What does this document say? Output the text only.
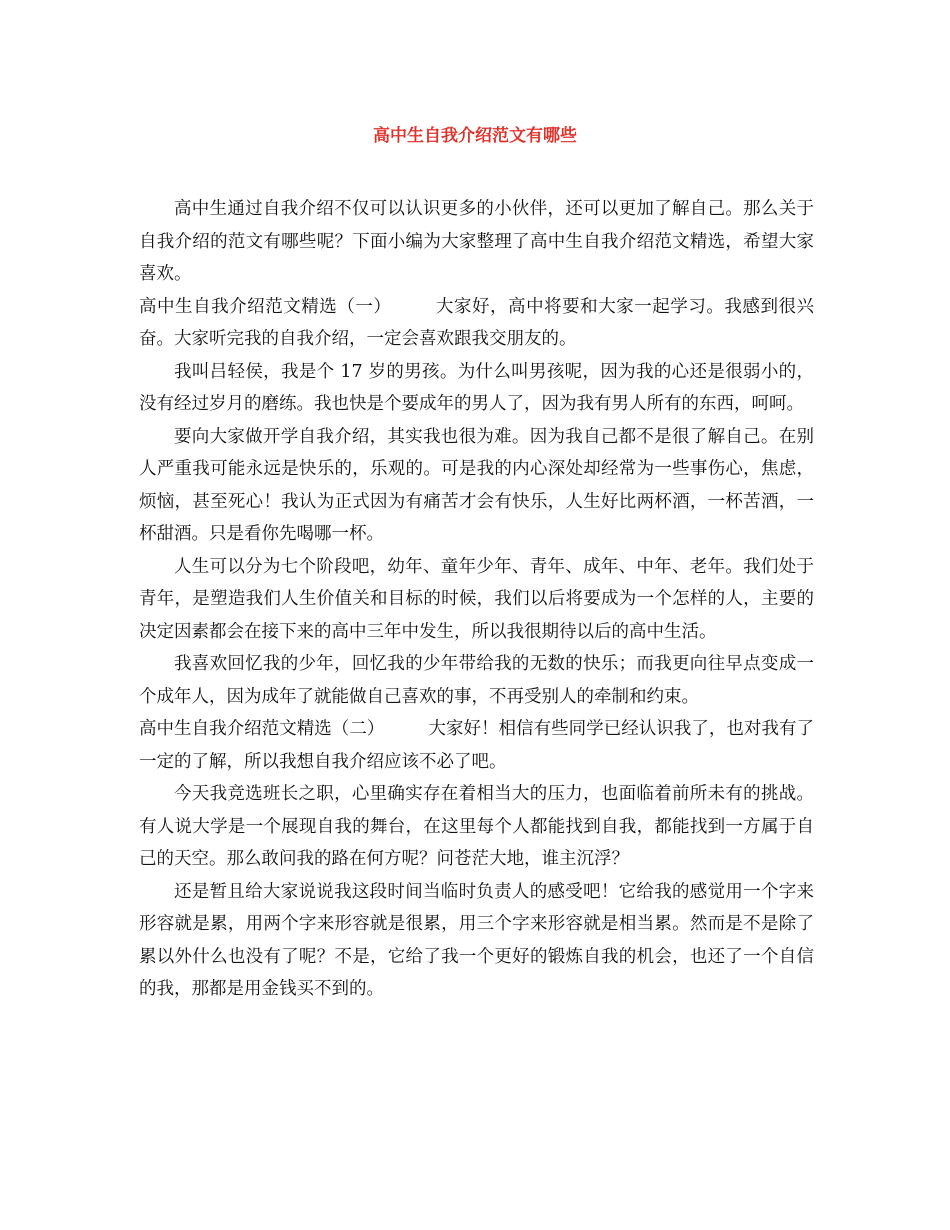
高中生自我介绍范文有哪些

高中生通过自我介绍不仅可以认识更多的小伙伴，还可以更加了解自己。那么关于自我介绍的范文有哪些呢？下面小编为大家整理了高中生自我介绍范文精选，希望大家喜欢。

高中生自我介绍范文精选（一）	大家好，高中将要和大家一起学习。我感到很兴奋。大家听完我的自我介绍，一定会喜欢跟我交朋友的。

我叫吕轻侯，我是个 17 岁的男孩。为什么叫男孩呢，因为我的心还是很弱小的，没有经过岁月的磨练。我也快是个要成年的男人了，因为我有男人所有的东西，呵呵。

要向大家做开学自我介绍，其实我也很为难。因为我自己都不是很了解自己。在别人严重我可能永远是快乐的，乐观的。可是我的内心深处却经常为一些事伤心，焦虑，烦恼，甚至死心！我认为正式因为有痛苦才会有快乐，人生好比两杯酒，一杯苦酒，一杯甜酒。只是看你先喝哪一杯。

人生可以分为七个阶段吧，幼年、童年少年、青年、成年、中年、老年。我们处于青年，是塑造我们人生价值关和目标的时候，我们以后将要成为一个怎样的人，主要的决定因素都会在接下来的高中三年中发生，所以我很期待以后的高中生活。

我喜欢回忆我的少年，回忆我的少年带给我的无数的快乐；而我更向往早点变成一个成年人，因为成年了就能做自己喜欢的事，不再受别人的牵制和约束。

高中生自我介绍范文精选（二）	大家好！相信有些同学已经认识我了，也对我有了一定的了解，所以我想自我介绍应该不必了吧。

今天我竞选班长之职，心里确实存在着相当大的压力，也面临着前所未有的挑战。有人说大学是一个展现自我的舞台，在这里每个人都能找到自我，都能找到一方属于自己的天空。那么敢问我的路在何方呢？问苍茫大地，谁主沉浮？

还是暂且给大家说说我这段时间当临时负责人的感受吧！它给我的感觉用一个字来形容就是累，用两个字来形容就是很累，用三个字来形容就是相当累。然而是不是除了累以外什么也没有了呢？不是，它给了我一个更好的锻炼自我的机会，也还了一个自信的我，那都是用金钱买不到的。
